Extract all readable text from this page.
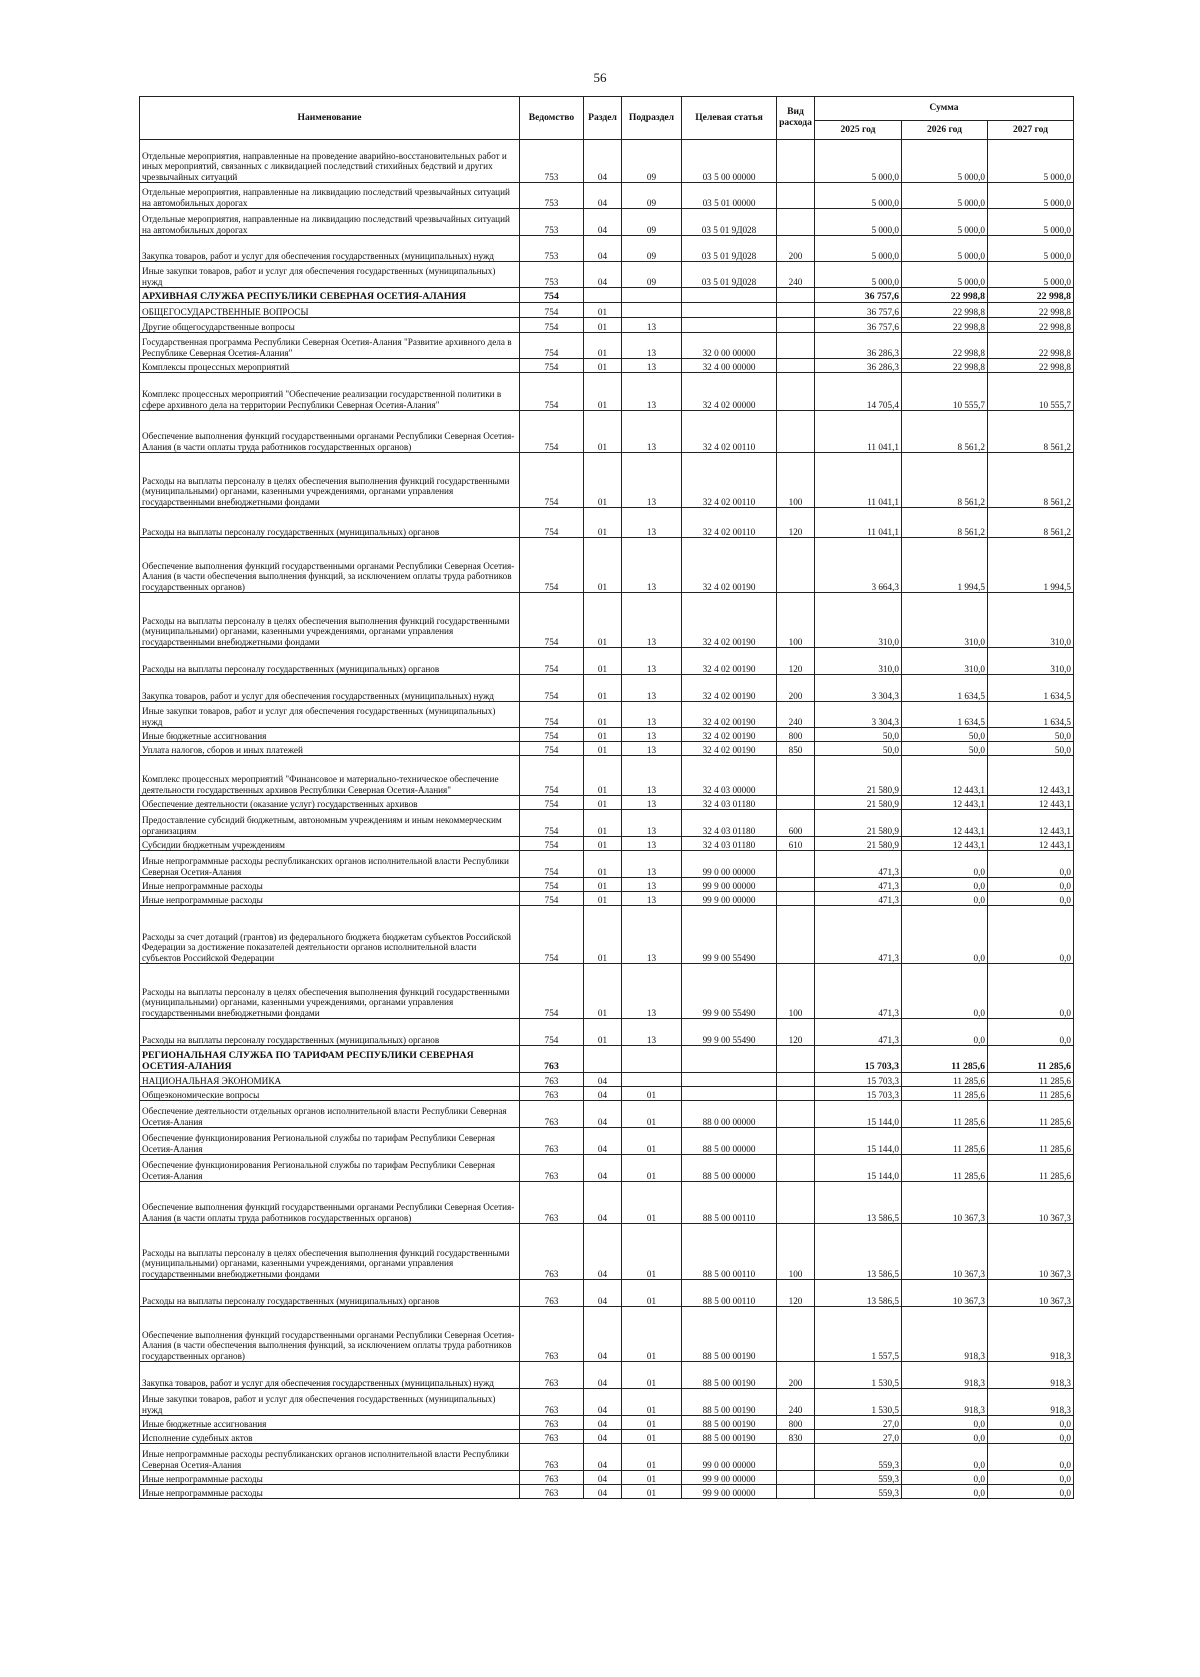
56
Наименование	Ведомство	Раздел	Подраздел	Целевая статья	Вид расхода	Сумма		
						2025 год	2026 год	2027 год
Отдельные мероприятия, направленные на проведение аварийно-восстановительных работ и иных мероприятий, связанных с ликвидацией последствий стихийных бедствий и других чрезвычайных ситуаций	753	04	09	03 5 00 00000		5 000,0	5 000,0	5 000,0
Отдельные мероприятия, направленные на ликвидацию последствий чрезвычайных ситуаций на автомобильных дорогах	753	04	09	03 5 01 00000		5 000,0	5 000,0	5 000,0
Отдельные мероприятия, направленные на ликвидацию последствий чрезвычайных ситуаций на автомобильных дорогах	753	04	09	03 5 01 9Д028		5 000,0	5 000,0	5 000,0
Закупка товаров, работ и услуг для обеспечения государственных (муниципальных) нужд	753	04	09	03 5 01 9Д028	200	5 000,0	5 000,0	5 000,0
Иные закупки товаров, работ и услуг для обеспечения государственных (муниципальных) нужд	753	04	09	03 5 01 9Д028	240	5 000,0	5 000,0	5 000,0
АРХИВНАЯ СЛУЖБА РЕСПУБЛИКИ СЕВЕРНАЯ ОСЕТИЯ-АЛАНИЯ	754					36 757,6	22 998,8	22 998,8
ОБЩЕГОСУДАРСТВЕННЫЕ ВОПРОСЫ	754	01				36 757,6	22 998,8	22 998,8
Другие общегосударственные вопросы	754	01	13			36 757,6	22 998,8	22 998,8
Государственная программа Республики Северная Осетия-Алания "Развитие архивного дела в Республике Северная Осетия-Алания"	754	01	13	32 0 00 00000		36 286,3	22 998,8	22 998,8
Комплексы процессных мероприятий	754	01	13	32 4 00 00000		36 286,3	22 998,8	22 998,8
Комплекс процессных мероприятий "Обеспечение реализации государственной политики в сфере архивного дела на территории Республики Северная Осетия-Алания"	754	01	13	32 4 02 00000		14 705,4	10 555,7	10 555,7
Обеспечение выполнения функций государственными органами Республики Северная Осетия-Алания (в части оплаты труда работников государственных органов)	754	01	13	32 4 02 00110		11 041,1	8 561,2	8 561,2
Расходы на выплаты персоналу в целях обеспечения выполнения функций государственными (муниципальными) органами, казенными учреждениями, органами управления государственными внебюджетными фондами	754	01	13	32 4 02 00110	100	11 041,1	8 561,2	8 561,2
Расходы на выплаты персоналу государственных (муниципальных) органов	754	01	13	32 4 02 00110	120	11 041,1	8 561,2	8 561,2
Обеспечение выполнения функций государственными органами Республики Северная Осетия-Алания (в части обеспечения выполнения функций, за исключением оплаты труда работников государственных органов)	754	01	13	32 4 02 00190		3 664,3	1 994,5	1 994,5
Расходы на выплаты персоналу в целях обеспечения выполнения функций государственными (муниципальными) органами, казенными учреждениями, органами управления государственными внебюджетными фондами	754	01	13	32 4 02 00190	100	310,0	310,0	310,0
Расходы на выплаты персоналу государственных (муниципальных) органов	754	01	13	32 4 02 00190	120	310,0	310,0	310,0
Закупка товаров, работ и услуг для обеспечения государственных (муниципальных) нужд	754	01	13	32 4 02 00190	200	3 304,3	1 634,5	1 634,5
Иные закупки товаров, работ и услуг для обеспечения государственных (муниципальных) нужд	754	01	13	32 4 02 00190	240	3 304,3	1 634,5	1 634,5
Иные бюджетные ассигнования	754	01	13	32 4 02 00190	800	50,0	50,0	50,0
Уплата налогов, сборов и иных платежей	754	01	13	32 4 02 00190	850	50,0	50,0	50,0
Комплекс процессных мероприятий "Финансовое и материально-техническое обеспечение деятельности государственных архивов Республики Северная Осетия-Алания"	754	01	13	32 4 03 00000		21 580,9	12 443,1	12 443,1
Обеспечение деятельности (оказание услуг) государственных архивов	754	01	13	32 4 03 01180		21 580,9	12 443,1	12 443,1
Предоставление субсидий бюджетным, автономным учреждениям и иным некоммерческим организациям	754	01	13	32 4 03 01180	600	21 580,9	12 443,1	12 443,1
Субсидии бюджетным учреждениям	754	01	13	32 4 03 01180	610	21 580,9	12 443,1	12 443,1
Иные непрограммные расходы республиканских органов исполнительной власти Республики Северная Осетия-Алания	754	01	13	99 0 00 00000		471,3	0,0	0,0
Иные непрограммные расходы	754	01	13	99 9 00 00000		471,3	0,0	0,0
Иные непрограммные расходы	754	01	13	99 9 00 00000		471,3	0,0	0,0
Расходы за счет дотаций (грантов) из федерального бюджета бюджетам субъектов Российской Федерации за достижение показателей деятельности органов исполнительной власти субъектов Российской Федерации	754	01	13	99 9 00 55490		471,3	0,0	0,0
Расходы на выплаты персоналу в целях обеспечения выполнения функций государственными (муниципальными) органами, казенными учреждениями, органами управления государственными внебюджетными фондами	754	01	13	99 9 00 55490	100	471,3	0,0	0,0
Расходы на выплаты персоналу государственных (муниципальных) органов	754	01	13	99 9 00 55490	120	471,3	0,0	0,0
РЕГИОНАЛЬНАЯ СЛУЖБА ПО ТАРИФАМ РЕСПУБЛИКИ СЕВЕРНАЯ ОСЕТИЯ-АЛАНИЯ	763					15 703,3	11 285,6	11 285,6
НАЦИОНАЛЬНАЯ ЭКОНОМИКА	763	04				15 703,3	11 285,6	11 285,6
Общеэкономические вопросы	763	04	01			15 703,3	11 285,6	11 285,6
Обеспечение деятельности отдельных органов исполнительной власти Республики Северная Осетия-Алания	763	04	01	88 0 00 00000		15 144,0	11 285,6	11 285,6
Обеспечение функционирования Региональной службы по тарифам Республики Северная Осетия-Алания	763	04	01	88 5 00 00000		15 144,0	11 285,6	11 285,6
Обеспечение функционирования Региональной службы по тарифам Республики Северная Осетия-Алания	763	04	01	88 5 00 00000		15 144,0	11 285,6	11 285,6
Обеспечение выполнения функций государственными органами Республики Северная Осетия-Алания (в части оплаты труда работников государственных органов)	763	04	01	88 5 00 00110		13 586,5	10 367,3	10 367,3
Расходы на выплаты персоналу в целях обеспечения выполнения функций государственными (муниципальными) органами, казенными учреждениями, органами управления государственными внебюджетными фондами	763	04	01	88 5 00 00110	100	13 586,5	10 367,3	10 367,3
Расходы на выплаты персоналу государственных (муниципальных) органов	763	04	01	88 5 00 00110	120	13 586,5	10 367,3	10 367,3
Обеспечение выполнения функций государственными органами Республики Северная Осетия-Алания (в части обеспечения выполнения функций, за исключением оплаты труда работников государственных органов)	763	04	01	88 5 00 00190		1 557,5	918,3	918,3
Закупка товаров, работ и услуг для обеспечения государственных (муниципальных) нужд	763	04	01	88 5 00 00190	200	1 530,5	918,3	918,3
Иные закупки товаров, работ и услуг для обеспечения государственных (муниципальных) нужд	763	04	01	88 5 00 00190	240	1 530,5	918,3	918,3
Иные бюджетные ассигнования	763	04	01	88 5 00 00190	800	27,0	0,0	0,0
Исполнение судебных актов	763	04	01	88 5 00 00190	830	27,0	0,0	0,0
Иные непрограммные расходы республиканских органов исполнительной власти Республики Северная Осетия-Алания	763	04	01	99 0 00 00000		559,3	0,0	0,0
Иные непрограммные расходы	763	04	01	99 9 00 00000		559,3	0,0	0,0
Иные непрограммные расходы	763	04	01	99 9 00 00000		559,3	0,0	0,0
